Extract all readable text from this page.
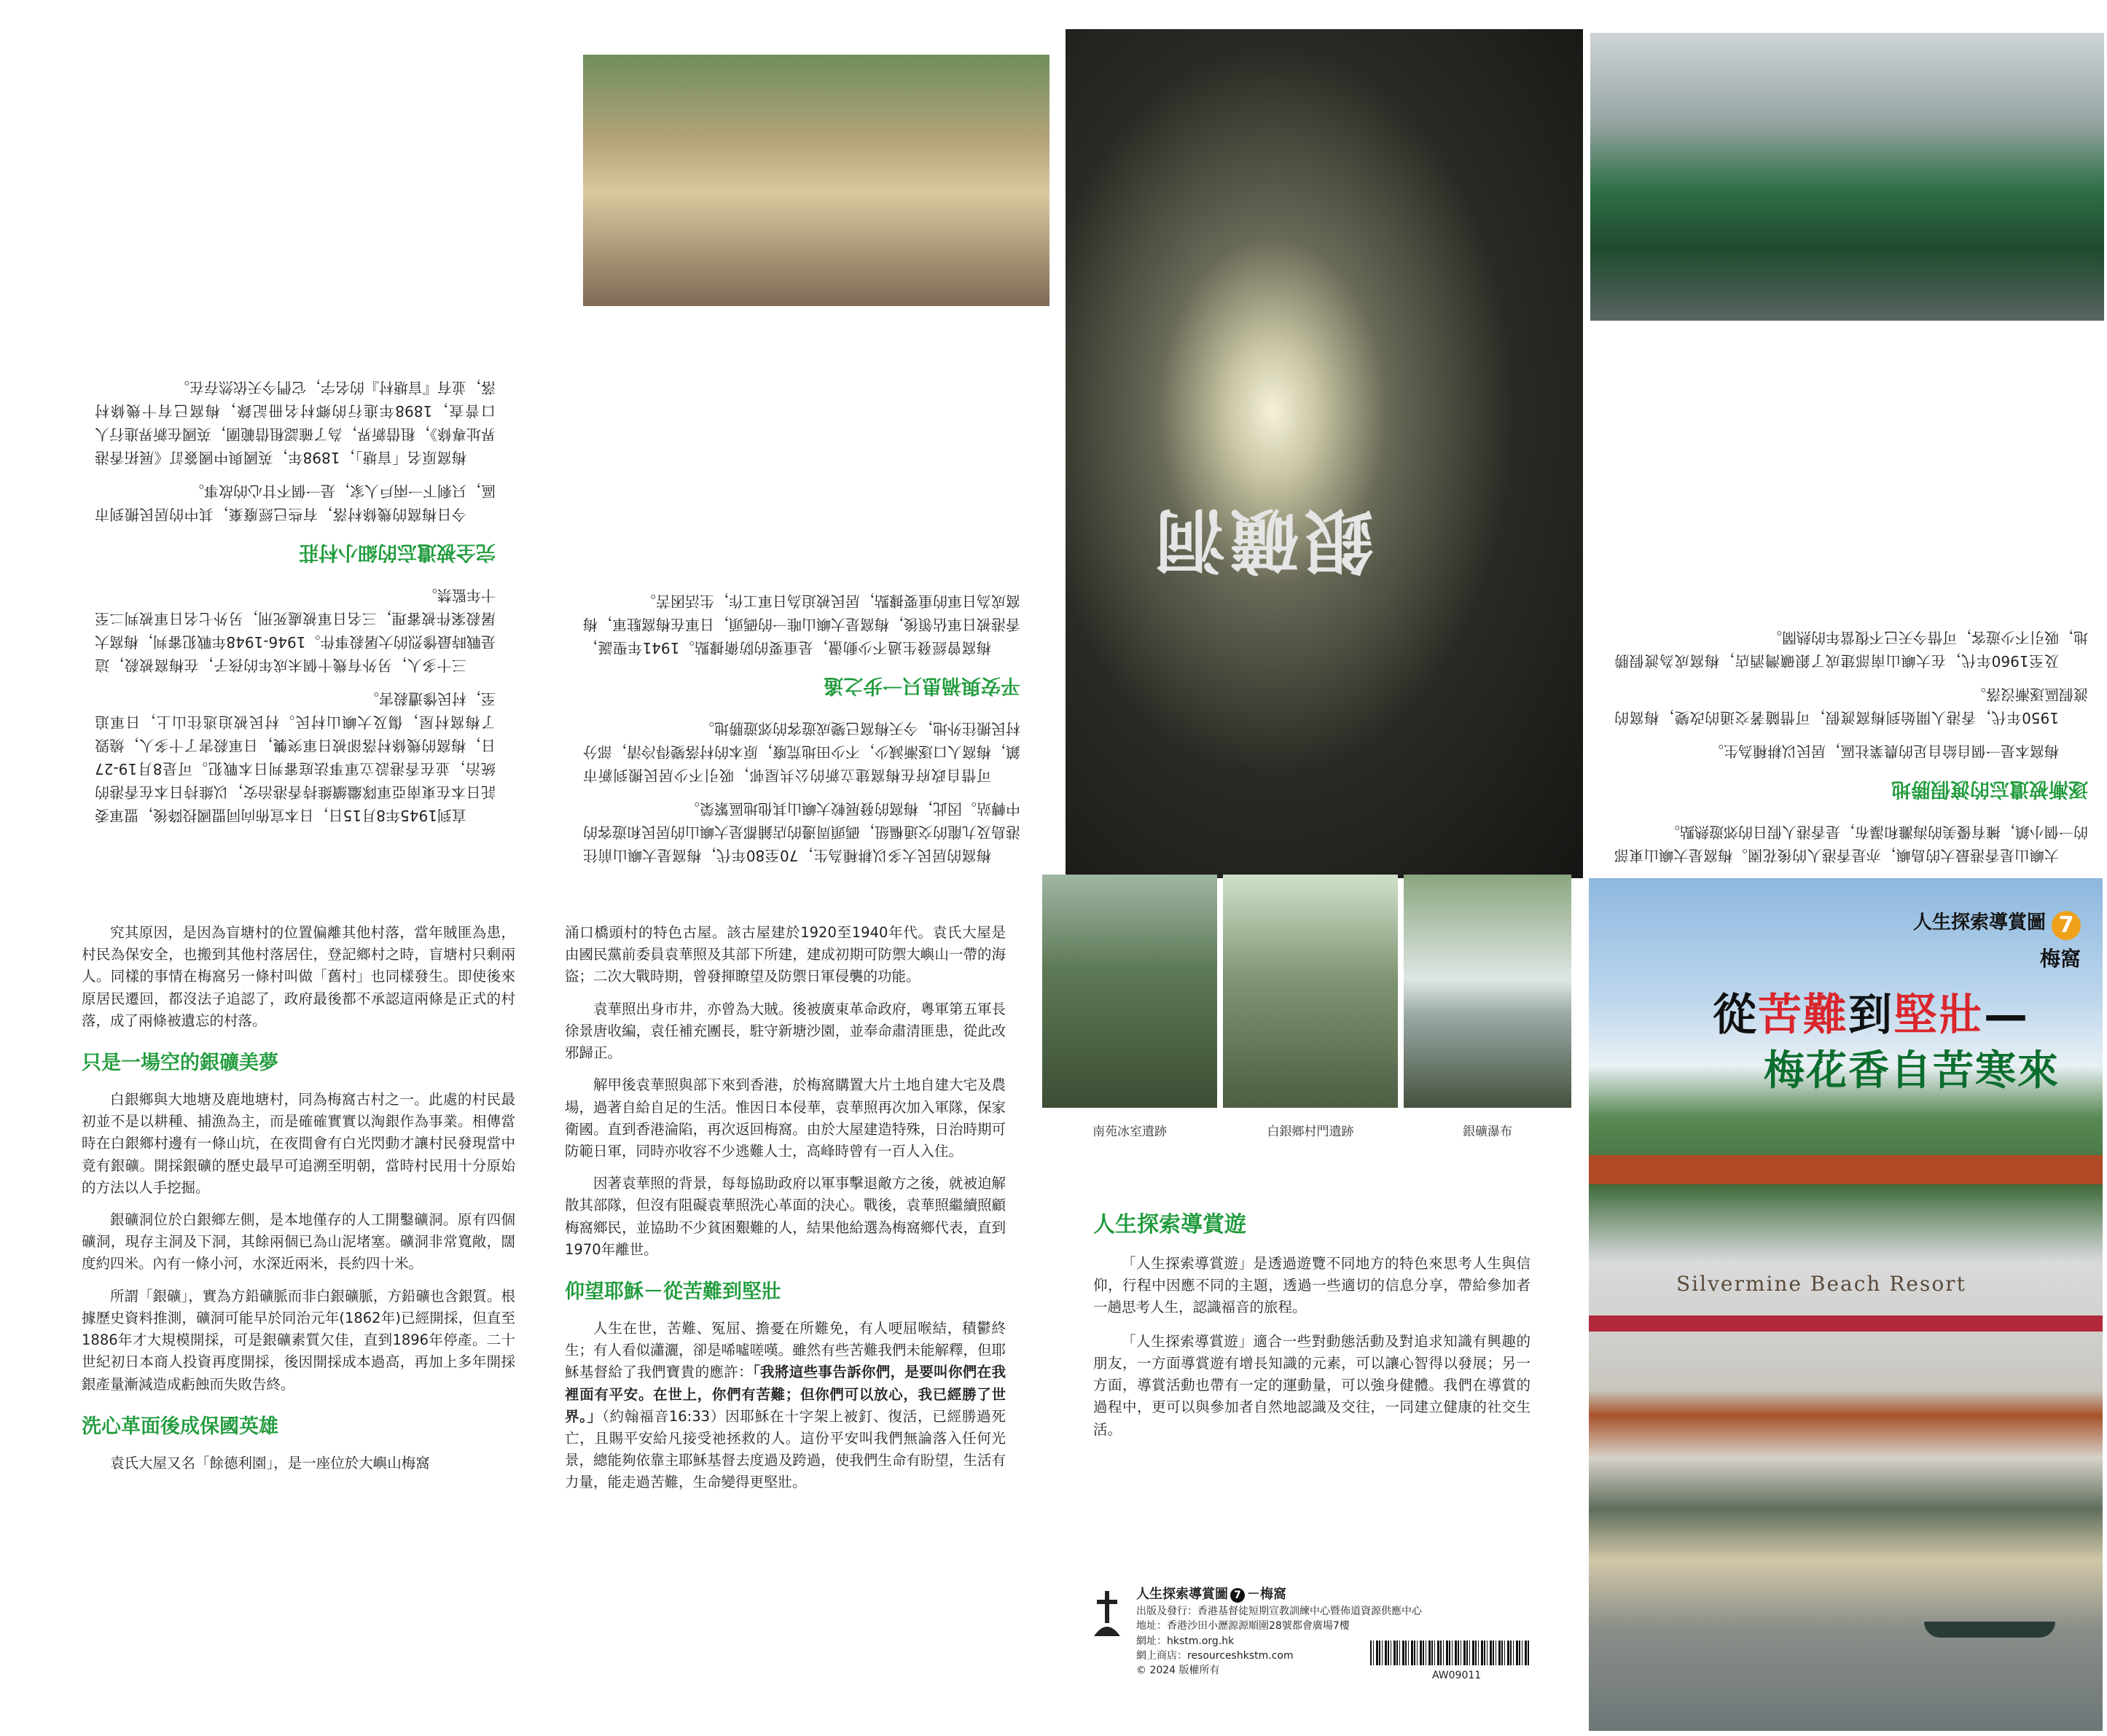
直到1945年8月15日，日本宣佈向同盟國投降後，盟軍委託日本在東南亞軍隊繼續維持香港治安，以維持日本在香港的統治，並在香港設立軍事法庭審判日本戰犯。可是8月19-27日，梅窩的幾條村落卻被日軍突襲，日軍殺害了十多人，燒毀了梅窩村屋，傷及大嶼山村民。村民被迫逃往山上，日軍追至，村民慘遭殺害。

三十多人，另外有幾十個未成年的孩子，在梅窩被殺，這是戰時最慘烈的大屠殺事件。1946-1948年戰犯審判，梅窩大屠殺案件被審理，三名日軍被處死刑，另外七名日軍被判二至十年監禁。

完全被遺忘的細小村莊

今日梅窩的幾條村落，有些已經廢棄，其中的居民搬到市區，只剩下一兩戶人家，是一個不甘心的故事。

梅窩原名「盲塘」，1898年，英國與中國簽訂《展拓香港界址專條》，租借新界，為了確認租借範圍，英國在新界進行人口普查，1898年進行的鄉村名冊記錄，梅窩已有十幾條村落，並有『盲塘村』的名字，它們今天依然存在。

梅窩的居民大多以耕種為生，70至80年代，梅窩是大嶼山前往港島及九龍的交通樞紐，碼頭周邊的店鋪都是大嶼山的居民和遊客的中轉站。因此，梅窩的發展較大嶼山其他地區繁榮。

可惜自政府在梅窩建立新的公共屋邨，吸引不少居民搬到新市鎮，梅窩人口逐漸減少，不少田地荒廢，原本的村落變得冷清，部分村民搬往外地，今天梅窩已變成遊客的郊遊勝地。

平安與禍患只一步之遙

梅窩曾經發生過不少動盪，是重要的防衛據點。1941年聖誕，香港被日軍佔領後，梅窩是大嶼山唯一的碼頭，日軍在梅窩駐軍，梅窩成為日軍的重要據點，居民被迫為日軍工作，生活困苦。

銀礦洞

大嶼山是香港最大的島嶼，亦是香港人的後花園。梅窩是大嶼山東部的一個小鎮，擁有優美的海灘和瀑布，是香港人假日的郊遊熱點。

逐漸被遺忘的渡假勝地

梅窩本是一個自給自足的農業社區，居民以耕種為生。

1950年代，香港人開始到梅窩渡假，可惜隨著交通的改變，梅窩的渡假區逐漸沒落。

及至1960年代，在大嶼山南部建成了銀礦灣酒店，梅窩成為渡假勝地，吸引不少遊客，可惜今天已不復當年的熱鬧。

究其原因，是因為盲塘村的位置偏離其他村落，當年賊匪為患，村民為保安全，也搬到其他村落居住，登記鄉村之時，盲塘村只剩兩人。同樣的事情在梅窩另一條村叫做「舊村」也同樣發生。即使後來原居民遷回，都沒法子追認了，政府最後都不承認這兩條是正式的村落，成了兩條被遺忘的村落。

只是一場空的銀礦美夢

白銀鄉與大地塘及鹿地塘村，同為梅窩古村之一。此處的村民最初並不是以耕種、捕漁為主，而是確確實實以淘銀作為事業。相傳當時在白銀鄉村邊有一條山坑，在夜間會有白光閃動才讓村民發現當中竟有銀礦。開採銀礦的歷史最早可追溯至明朝，當時村民用十分原始的方法以人手挖掘。

銀礦洞位於白銀鄉左側，是本地僅存的人工開鑿礦洞。原有四個礦洞，現存主洞及下洞，其餘兩個已為山泥堵塞。礦洞非常寬敞，闊度約四米。內有一條小河，水深近兩米，長約四十米。

所謂「銀礦」，實為方鉛礦脈而非白銀礦脈，方鉛礦也含銀質。根據歷史資料推測，礦洞可能早於同治元年(1862年)已經開採，但直至1886年才大規模開採，可是銀礦素質欠佳，直到1896年停產。二十世紀初日本商人投資再度開採，後因開採成本過高，再加上多年開採銀產量漸減造成虧蝕而失敗告終。

洗心革面後成保國英雄

袁氏大屋又名「餘德利園」，是一座位於大嶼山梅窩

涌口橋頭村的特色古屋。該古屋建於1920至1940年代。袁氏大屋是由國民黨前委員袁華照及其部下所建，建成初期可防禦大嶼山一帶的海盜；二次大戰時期，曾發揮瞭望及防禦日軍侵襲的功能。

袁華照出身市井，亦曾為大賊。後被廣東革命政府，粵軍第五軍長徐景唐收編，袁任補充團長，駐守新塘沙園，並奉命肅清匪患，從此改邪歸正。

解甲後袁華照與部下來到香港，於梅窩購置大片土地自建大宅及農場，過著自給自足的生活。惟因日本侵華，袁華照再次加入軍隊，保家衛國。直到香港淪陷，再次返回梅窩。由於大屋建造特殊，日治時期可防範日軍，同時亦收容不少逃難人士，高峰時曾有一百人入住。

因著袁華照的背景，每每協助政府以軍事擊退敵方之後，就被迫解散其部隊，但沒有阻礙袁華照洗心革面的決心。戰後，袁華照繼續照顧梅窩鄉民，並協助不少貧困艱難的人，結果他給選為梅窩鄉代表，直到1970年離世。

仰望耶穌－從苦難到堅壯

人生在世，苦難、冤屈、擔憂在所難免，有人哽屈喉結，積鬱終生；有人看似瀟灑，卻是唏噓嗟嘆。雖然有些苦難我們未能解釋，但耶穌基督給了我們寶貴的應許：「我將這些事告訴你們，是要叫你們在我裡面有平安。在世上，你們有苦難；但你們可以放心，我已經勝了世界。」（約翰福音16:33）因耶穌在十字架上被釘、復活，已經勝過死亡，且賜平安給凡接受祂拯救的人。這份平安叫我們無論落入任何光景，總能夠依靠主耶穌基督去度過及跨過，使我們生命有盼望，生活有力量，能走過苦難，生命變得更堅壯。

南苑冰室遺跡	白銀鄉村門遺跡	銀礦瀑布
人生探索導賞遊

「人生探索導賞遊」是透過遊覽不同地方的特色來思考人生與信仰，行程中因應不同的主題，透過一些適切的信息分享，帶給參加者一趟思考人生，認識福音的旅程。

「人生探索導賞遊」適合一些對動態活動及對追求知識有興趣的朋友，一方面導賞遊有增長知識的元素，可以讓心智得以發展；另一方面，導賞活動也帶有一定的運動量，可以強身健體。我們在導賞的過程中，更可以與參加者自然地認識及交往，一同建立健康的社交生活。

人生探索導賞圖 7 －梅窩
出版及發行：香港基督徒短期宣教訓練中心暨佈道資源供應中心
地址：香港沙田小瀝源源順圍28號都會廣場7樓
網址：hkstm.org.hk
網上商店：resourceshkstm.com
© 2024 版權所有	AW09011
Silvermine Beach Resort
人生探索導賞圖 7
梅窩
從苦難到堅壯—
梅花香自苦寒來
